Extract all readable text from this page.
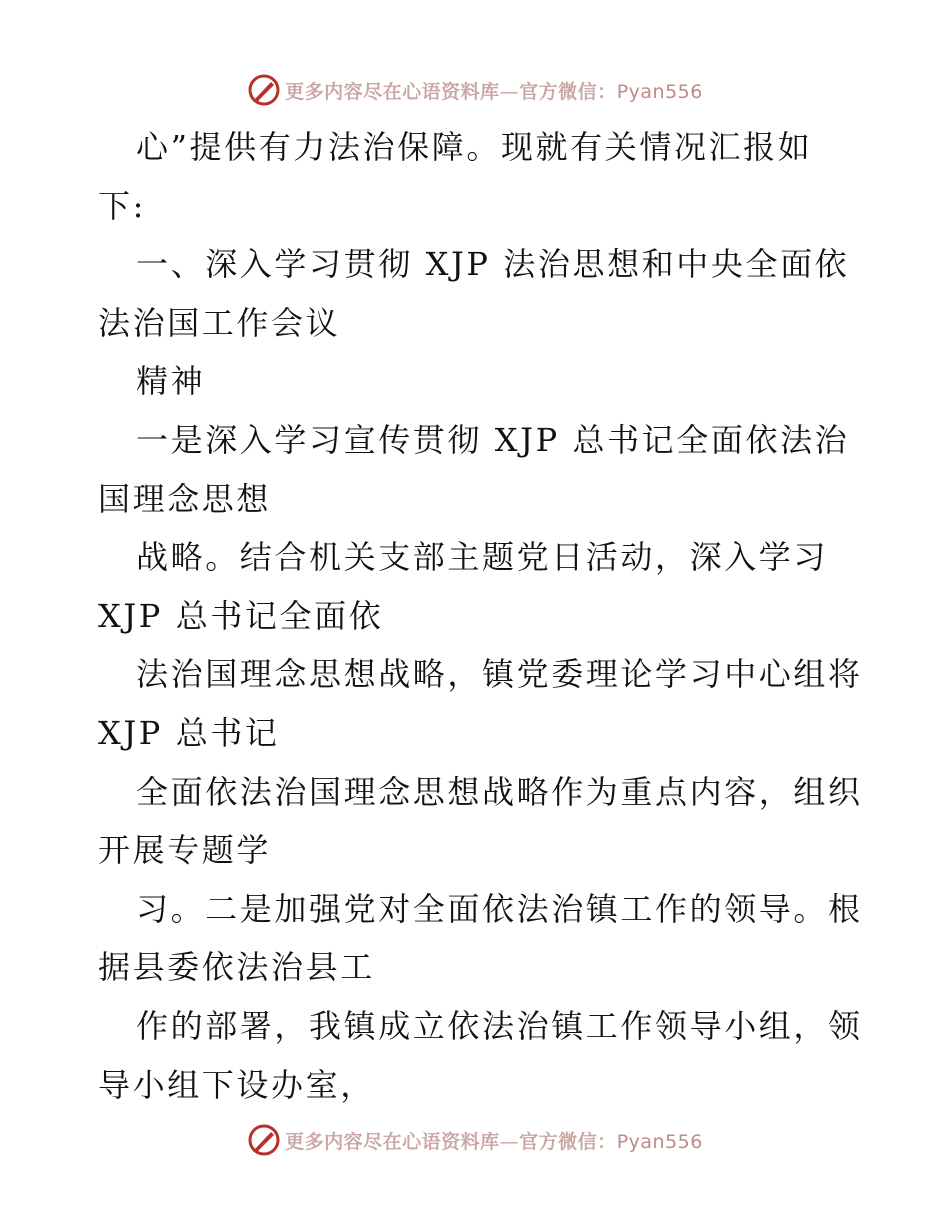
更多内容尽在心语资料库—官方微信：Pyan556
心”提供有力法治保障。现就有关情况汇报如
下:
一、深入学习贯彻 XJP 法治思想和中央全面依
法治国工作会议
精神
一是深入学习宣传贯彻 XJP 总书记全面依法治
国理念思想
战略。结合机关支部主题党日活动，深入学习
XJP 总书记全面依
法治国理念思想战略，镇党委理论学习中心组将
XJP 总书记
全面依法治国理念思想战略作为重点内容，组织
开展专题学
习。二是加强党对全面依法治镇工作的领导。根
据县委依法治县工
作的部署，我镇成立依法治镇工作领导小组，领
导小组下设办室，
更多内容尽在心语资料库—官方微信：Pyan556
